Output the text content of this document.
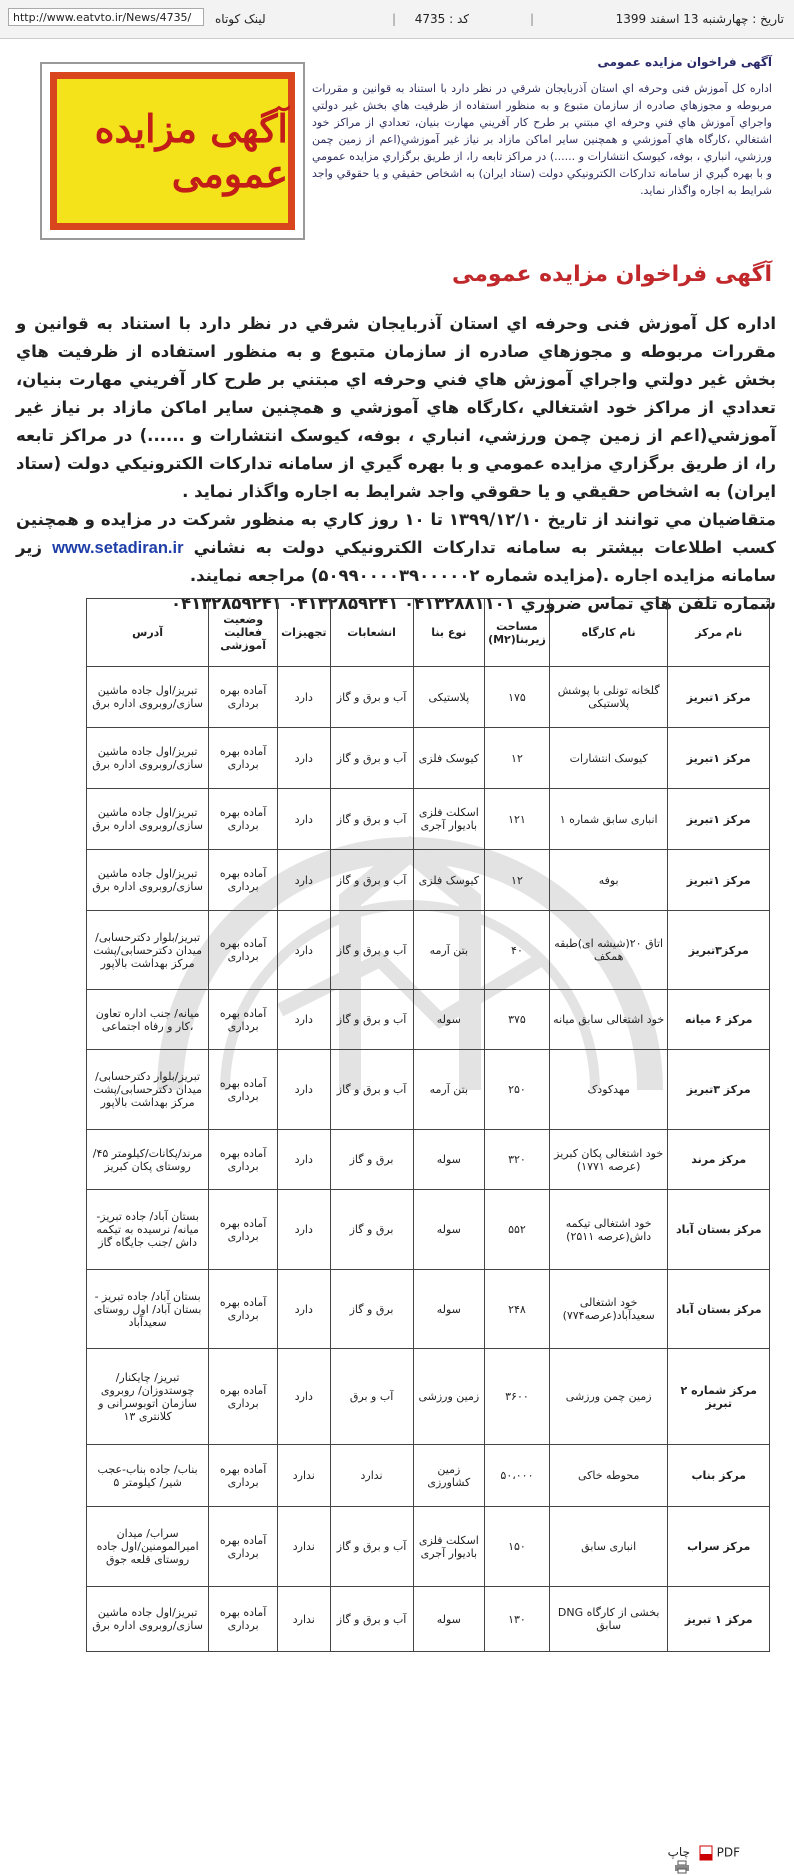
تاریخ : چهارشنبه 13 اسفند 1399
|
کد : 4735
|
لینک کوتاه
http://www.eatvto.ir/News/4735/
آگهی مزایده عمومی
آگهی فراخوان مزایده عمومی
اداره کل آموزش فنی وحرفه اي استان آذربايجان شرقي در نظر دارد با استناد به قوانين و مقررات مربوطه و مجوزهاي صادره از سازمان متبوع و به منظور استفاده از ظرفيت هاي بخش غير دولتي واجراي آموزش هاي فني وحرفه اي مبتني بر طرح کار آفريني مهارت بنيان، تعدادي از مراکز خود اشتغالي ،کارگاه هاي آموزشي و همچنين ساير اماکن مازاد بر نياز غير آموزشي(اعم از زمين چمن ورزشي، انباري ، بوفه، کيوسک انتشارات و ......) در مراکز تابعه را، از طريق برگزاري مزايده عمومي و با بهره گيري از سامانه تدارکات الکترونيکي دولت (ستاد ايران) به اشخاص حقيقي و يا حقوقي واجد شرايط به اجاره واگذار نمايد.
آگهی فراخوان مزایده عمومی

اداره کل آموزش فنی وحرفه اي استان آذربايجان شرقي در نظر دارد با استناد به قوانين و مقررات مربوطه و مجوزهاي صادره از سازمان متبوع و به منظور استفاده از ظرفيت هاي بخش غير دولتي واجراي آموزش هاي فني وحرفه اي مبتني بر طرح کار آفريني مهارت بنيان، تعدادي از مراکز خود اشتغالي ،کارگاه هاي آموزشي و همچنين ساير اماکن مازاد بر نياز غير آموزشي(اعم از زمين چمن ورزشي، انباري ، بوفه، کيوسک انتشارات و ......) در مراکز تابعه را، از طريق برگزاري مزايده عمومي و با بهره گيري از سامانه تدارکات الکترونيکي دولت (ستاد ايران) به اشخاص حقيقي و يا حقوقي واجد شرايط به اجاره واگذار نمايد .

متقاضيان مي توانند از تاريخ ۱۳۹۹/۱۲/۱۰ تا ۱۰ روز كاري به منظور شركت در مزايده و همچنين كسب اطلاعات بيشتر به سامانه تداركات الكترونيكي دولت به نشاني www.setadiran.ir زير سامانه مزايده اجاره .(مزايده شماره ۵۰۹۹۰۰۰۰۳۹۰۰۰۰۰۲) مراجعه نمايند.

شماره تلفن هاي تماس ضروري ۰۴۱۳۲۸۸۱۱۰۱ ۰۴۱۳۲۸۵۹۲۴۱ ۰۴۱۳۲۸۵۹۲۴۱

نام مرکز	نام کارگاه	مساحت زیربنا(M۲)	نوع بنا	انشعابات	تجهیزات	وضعیت فعالیت آموزشی	آدرس
مرکز ۱تبریز	گلخانه تونلی با پوشش پلاستیکی	۱۷۵	پلاستیکی	آب و برق و گاز	دارد	آماده بهره برداری	تبریز/اول جاده ماشین سازی/روبروی اداره برق
مرکز ۱تبریز	کیوسک انتشارات	۱۲	کیوسک فلزی	آب و برق و گاز	دارد	آماده بهره برداری	تبریز/اول جاده ماشین سازی/روبروی اداره برق
مرکز ۱تبریز	انباری سابق شماره ۱	۱۲۱	اسکلت فلزی بادیوار آجری	آب و برق و گاز	دارد	آماده بهره برداری	تبریز/اول جاده ماشین سازی/روبروی اداره برق
مرکز ۱تبریز	بوفه	۱۲	کیوسک فلزی	آب و برق و گاز	دارد	آماده بهره برداری	تبریز/اول جاده ماشین سازی/روبروی اداره برق
مرکز۳تبریز	اتاق ۲۰(شیشه ای)طبقه همکف	۴۰	بتن آرمه	آب و برق و گاز	دارد	آماده بهره برداری	تبریز/بلوار دکترحسابی/میدان دکترحسابی/پشت مرکز بهداشت بالاپور
مرکز ۶ میانه	خود اشتغالی سابق میانه	۳۷۵	سوله	آب و برق و گاز	دارد	آماده بهره برداری	میانه/ جنب اداره تعاون ،کار و رفاه اجتماعی
مرکز ۳تبریز	مهدکودک	۲۵۰	بتن آرمه	آب و برق و گاز	دارد	آماده بهره برداری	تبریز/بلوار دکترحسابی/میدان دکترحسابی/پشت مرکز بهداشت بالاپور
مرکز مرند	خود اشتغالی پکان کبریز (عرصه ۱۷۷۱)	۳۲۰	سوله	برق و گاز	دارد	آماده بهره برداری	مرند/پکانات/کیلومتر ۴۵/روستای پکان کبریز
مرکز بستان آباد	خود اشتغالی تیکمه داش(عرصه ۲۵۱۱)	۵۵۲	سوله	برق و گاز	دارد	آماده بهره برداری	بستان آباد/ جاده تبریز-میانه/ نرسیده به تیکمه داش /جنب جایگاه گاز
مرکز بستان آباد	خود اشتغالی سعیدآباد(عرصه۷۷۴)	۲۴۸	سوله	برق و گاز	دارد	آماده بهره برداری	بستان آباد/ جاده تبریز - بستان آباد/ اول روستای سعیدآباد
مرکز شماره ۲ تبریز	زمین چمن ورزشی	۳۶۰۰	زمین ورزشی	آب و برق	دارد	آماده بهره برداری	تبریز/ چایکنار/چوستدوزان/ روبروی سازمان اتوبوسرانی و کلانتری ۱۳
مرکز بناب	محوطه خاکی	۵۰،۰۰۰	زمین کشاورزی	ندارد	ندارد	آماده بهره برداری	بناب/ جاده بناب-عجب شیر/ کیلومتر ۵
مرکز سراب	انباری سابق	۱۵۰	اسکلت فلزی بادیوار آجری	آب و برق و گاز	ندارد	آماده بهره برداری	سراب/ میدان امیرالمومنین/اول جاده روستای قلعه جوق
مرکز ۱ تبریز	بخشی از کارگاه DNG سابق	۱۳۰	سوله	آب و برق و گاز	ندارد	آماده بهره برداری	تبریز/اول جاده ماشین سازی/روبروی اداره برق
PDF
چاپ
